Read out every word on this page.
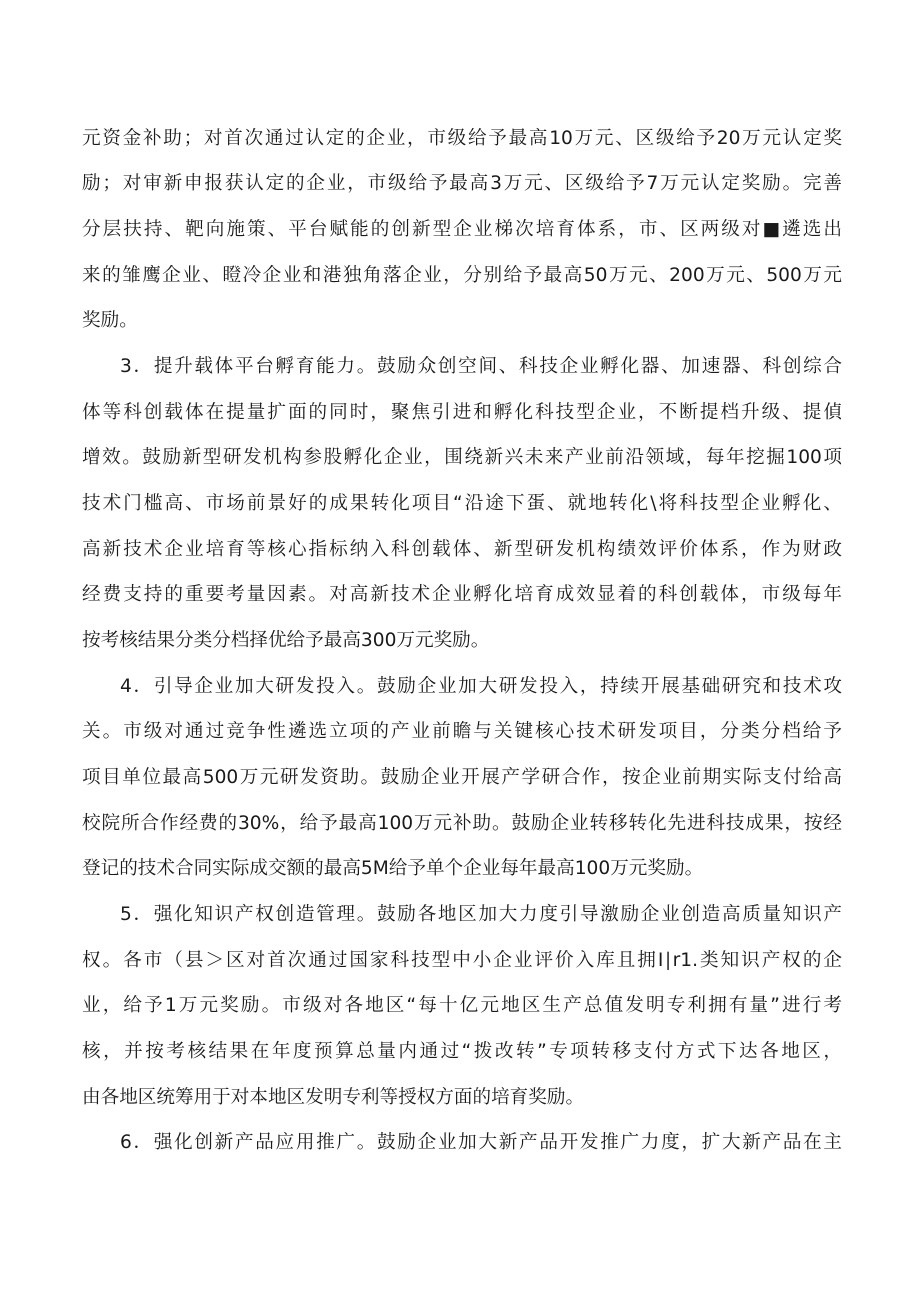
元资金补助；对首次通过认定的企业，市级给予最高10万元、区级给予20万元认定奖
励；对审新申报获认定的企业，市级给予最高3万元、区级给予7万元认定奖励。完善
分层扶持、靶向施策、平台赋能的创新型企业梯次培育体系，市、区两级对■遴选出
来的雏鹰企业、瞪冷企业和港独角落企业，分别给予最高50万元、200万元、500万元
奖励。
3．提升载体平台孵育能力。鼓励众创空间、科技企业孵化器、加速器、科创综合
体等科创载体在提量扩面的同时，聚焦引进和孵化科技型企业，不断提档升级、提偵
增效。鼓励新型研发机构参股孵化企业，围绕新兴未来产业前沿领域，每年挖掘100项
技术门槛高、市场前景好的成果转化项目“沿途下蛋、就地转化\将科技型企业孵化、
高新技术企业培育等核心指标纳入科创载体、新型研发机构绩效评价体系，作为财政
经费支持的重要考量因素。对高新技术企业孵化培育成效显着的科创载体，市级每年
按考核结果分类分档择优给予最高300万元奖励。
4．引导企业加大研发投入。鼓励企业加大研发投入，持续开展基础研究和技术攻
关。市级对通过竞争性遴选立项的产业前瞻与关键核心技术研发项目，分类分档给予
项目单位最高500万元研发资助。鼓励企业开展产学研合作，按企业前期实际支付给高
校院所合作经费的30%，给予最高100万元补助。鼓励企业转移转化先进科技成果，按经
登记的技术合同实际成交额的最高5M给予单个企业每年最高100万元奖励。
5．强化知识产权创造管理。鼓励各地区加大力度引导激励企业创造高质量知识产
权。各市（县＞区对首次通过国家科技型中小企业评价入库且拥I∣r1.类知识产权的企
业，给予1万元奖励。市级对各地区“每十亿元地区生产总值发明专利拥有量”进行考
核，并按考核结果在年度预算总量内通过“拨改转”专项转移支付方式下达各地区，
由各地区统筹用于对本地区发明专利等授权方面的培育奖励。
6．强化创新产品应用推广。鼓励企业加大新产品开发推广力度，扩大新产品在主
